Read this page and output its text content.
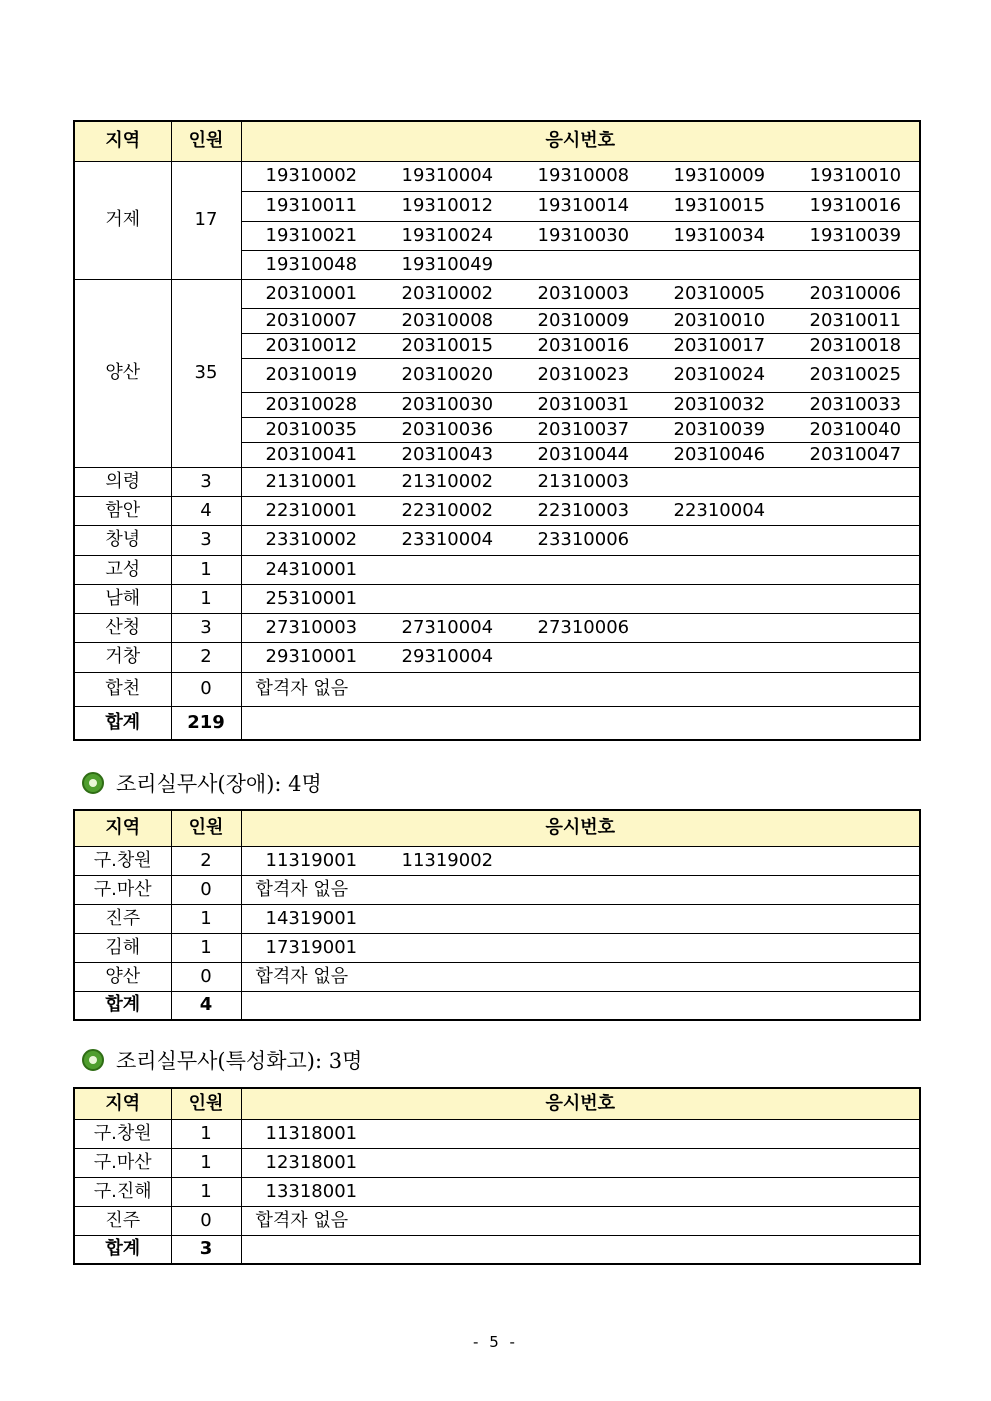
지역	인원	응시번호
거제	17	19310002 19310004 19310008 19310009 19310010
		19310011 19310012 19310014 19310015 19310016
		19310021 19310024 19310030 19310034 19310039
		19310048 19310049
양산	35	20310001 20310002 20310003 20310005 20310006
		20310007 20310008 20310009 20310010 20310011
		20310012 20310015 20310016 20310017 20310018
		20310019 20310020 20310023 20310024 20310025
		20310028 20310030 20310031 20310032 20310033
		20310035 20310036 20310037 20310039 20310040
		20310041 20310043 20310044 20310046 20310047
의령	3	21310001 21310002 21310003
함안	4	22310001 22310002 22310003 22310004
창녕	3	23310002 23310004 23310006
고성	1	24310001
남해	1	25310001
산청	3	27310003 27310004 27310006
거창	2	29310001 29310004
합천	0	합격자 없음
합계	219	
조리실무사(장애): 4명
지역	인원	응시번호
구.창원	2	11319001 11319002
구.마산	0	합격자 없음
진주	1	14319001
김해	1	17319001
양산	0	합격자 없음
합계	4	
조리실무사(특성화고): 3명
지역	인원	응시번호
구.창원	1	11318001
구.마산	1	12318001
구.진해	1	13318001
진주	0	합격자 없음
합계	3	
- 5 -
